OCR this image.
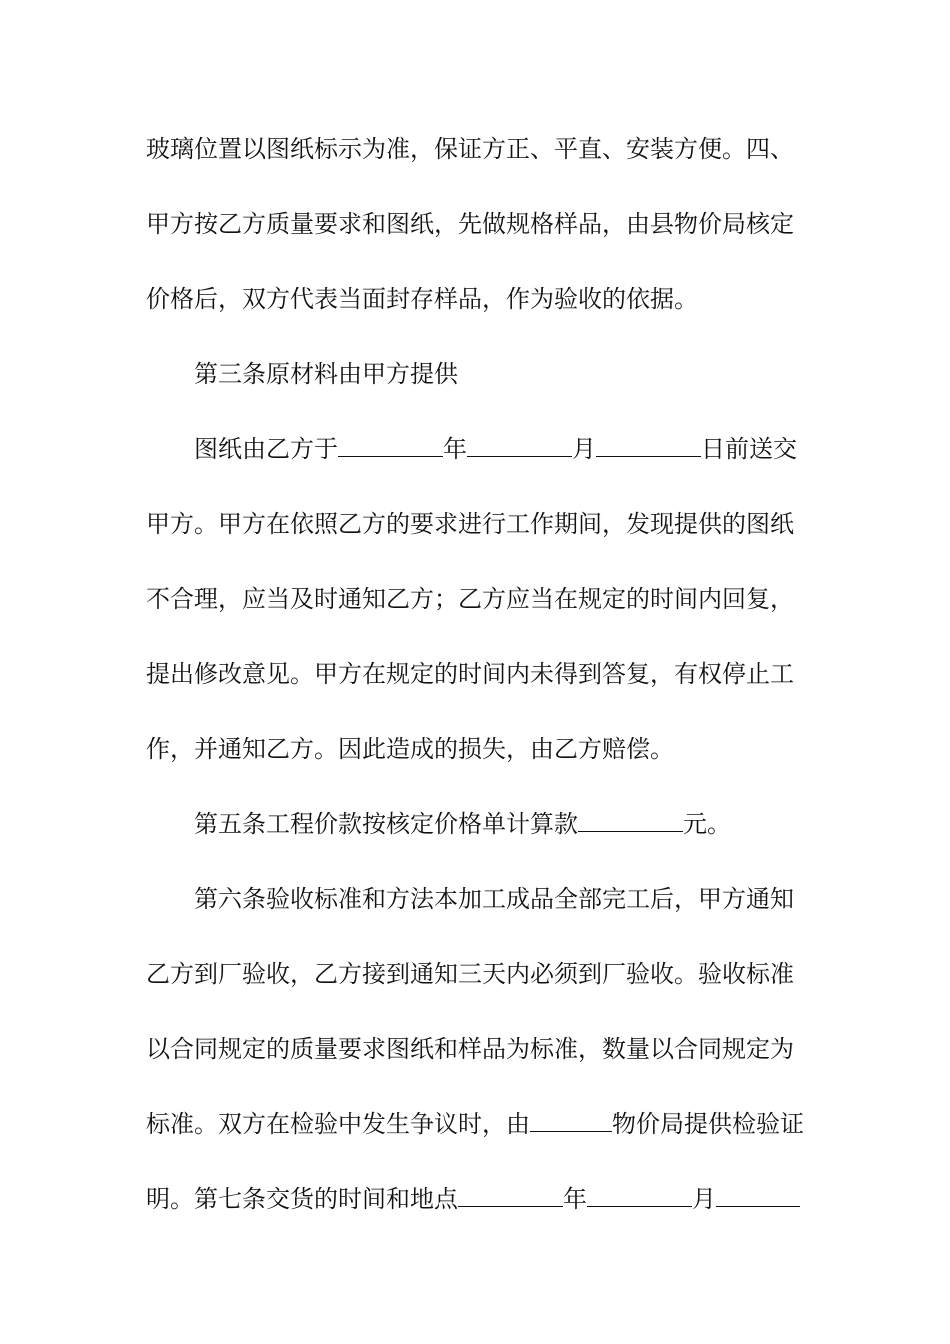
玻璃位置以图纸标示为准，保证方正、平直、安装方便。四、
甲方按乙方质量要求和图纸，先做规格样品，由县物价局核定
价格后，双方代表当面封存样品，作为验收的依据。
第三条原材料由甲方提供
图纸由乙方于	年	月	日前送交
甲方。甲方在依照乙方的要求进行工作期间，发现提供的图纸
不合理，应当及时通知乙方；乙方应当在规定的时间内回复，
提出修改意见。甲方在规定的时间内未得到答复，有权停止工
作，并通知乙方。因此造成的损失，由乙方赔偿。
第五条工程价款按核定价格单计算款	元。
第六条验收标准和方法本加工成品全部完工后，甲方通知
乙方到厂验收，乙方接到通知三天内必须到厂验收。验收标准
以合同规定的质量要求图纸和样品为标准，数量以合同规定为
标准。双方在检验中发生争议时，由	物价局提供检验证
明。第七条交货的时间和地点	年	月
